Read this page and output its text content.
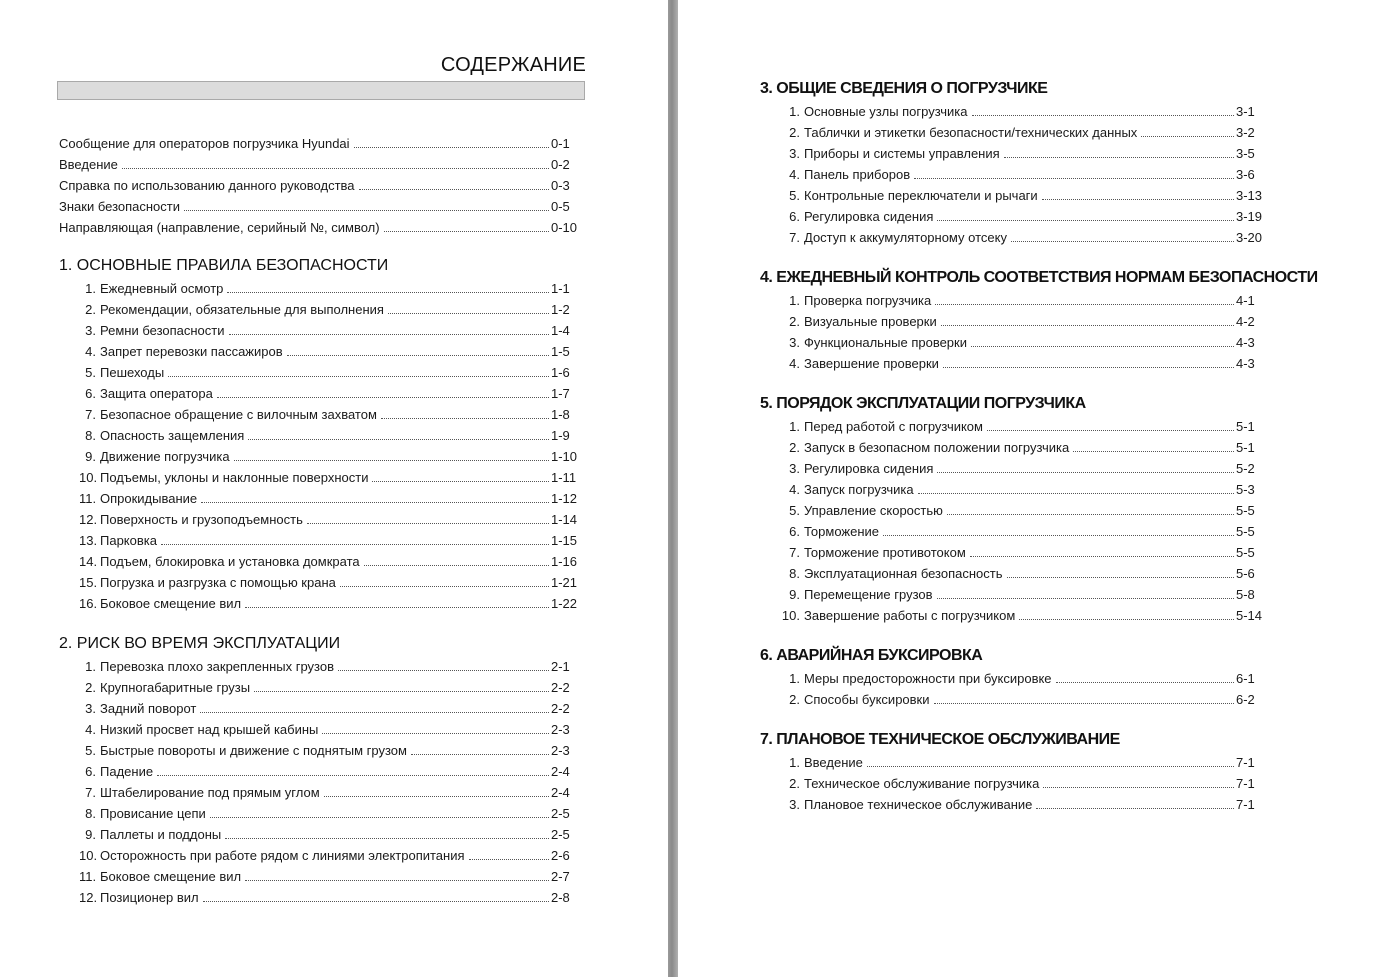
СОДЕРЖАНИЕ
Сообщение для операторов погрузчика Hyundai	0-1
Введение	0-2
Справка по использованию данного руководства	0-3
Знаки безопасности	0-5
Направляющая (направление, серийный №, символ)	0-10
1. ОСНОВНЫЕ ПРАВИЛА БЕЗОПАСНОСТИ
1. Ежедневный осмотр	1-1
2. Рекомендации, обязательные для выполнения	1-2
3. Ремни безопасности	1-4
4. Запрет перевозки пассажиров	1-5
5. Пешеходы	1-6
6. Защита оператора	1-7
7. Безопасное обращение с вилочным захватом	1-8
8. Опасность защемления	1-9
9. Движение погрузчика	1-10
10. Подъемы, уклоны и наклонные поверхности	1-11
11. Опрокидывание	1-12
12. Поверхность и грузоподъемность	1-14
13. Парковка	1-15
14. Подъем, блокировка и установка домкрата	1-16
15. Погрузка и разгрузка с помощью крана	1-21
16. Боковое смещение вил	1-22
2. РИСК ВО ВРЕМЯ ЭКСПЛУАТАЦИИ
1. Перевозка плохо закрепленных грузов	2-1
2. Крупногабаритные грузы	2-2
3. Задний поворот	2-2
4. Низкий просвет над крышей кабины	2-3
5. Быстрые повороты и движение с поднятым грузом	2-3
6. Падение	2-4
7. Штабелирование под прямым углом	2-4
8. Провисание цепи	2-5
9. Паллеты и поддоны	2-5
10. Осторожность при работе рядом с линиями электропитания	2-6
11. Боковое смещение вил	2-7
12. Позиционер вил	2-8
3. ОБЩИЕ СВЕДЕНИЯ О ПОГРУЗЧИКЕ
1. Основные узлы погрузчика	3-1
2. Таблички и этикетки безопасности/технических данных	3-2
3. Приборы и системы управления	3-5
4. Панель приборов	3-6
5. Контрольные переключатели и рычаги	3-13
6. Регулировка сидения	3-19
7. Доступ к аккумуляторному отсеку	3-20
4. ЕЖЕДНЕВНЫЙ КОНТРОЛЬ СООТВЕТСТВИЯ НОРМАМ БЕЗОПАСНОСТИ
1. Проверка погрузчика	4-1
2. Визуальные проверки	4-2
3. Функциональные проверки	4-3
4. Завершение проверки	4-3
5. ПОРЯДОК ЭКСПЛУАТАЦИИ ПОГРУЗЧИКА
1. Перед работой с погрузчиком	5-1
2. Запуск в безопасном положении погрузчика	5-1
3. Регулировка сидения	5-2
4. Запуск погрузчика	5-3
5. Управление скоростью	5-5
6. Торможение	5-5
7. Торможение противотоком	5-5
8. Эксплуатационная безопасность	5-6
9. Перемещение грузов	5-8
10. Завершение работы с погрузчиком	5-14
6. АВАРИЙНАЯ БУКСИРОВКА
1. Меры предосторожности при буксировке	6-1
2. Способы буксировки	6-2
7. ПЛАНОВОЕ ТЕХНИЧЕСКОЕ ОБСЛУЖИВАНИЕ
1. Введение	7-1
2. Техническое обслуживание погрузчика	7-1
3. Плановое техническое обслуживание	7-1
